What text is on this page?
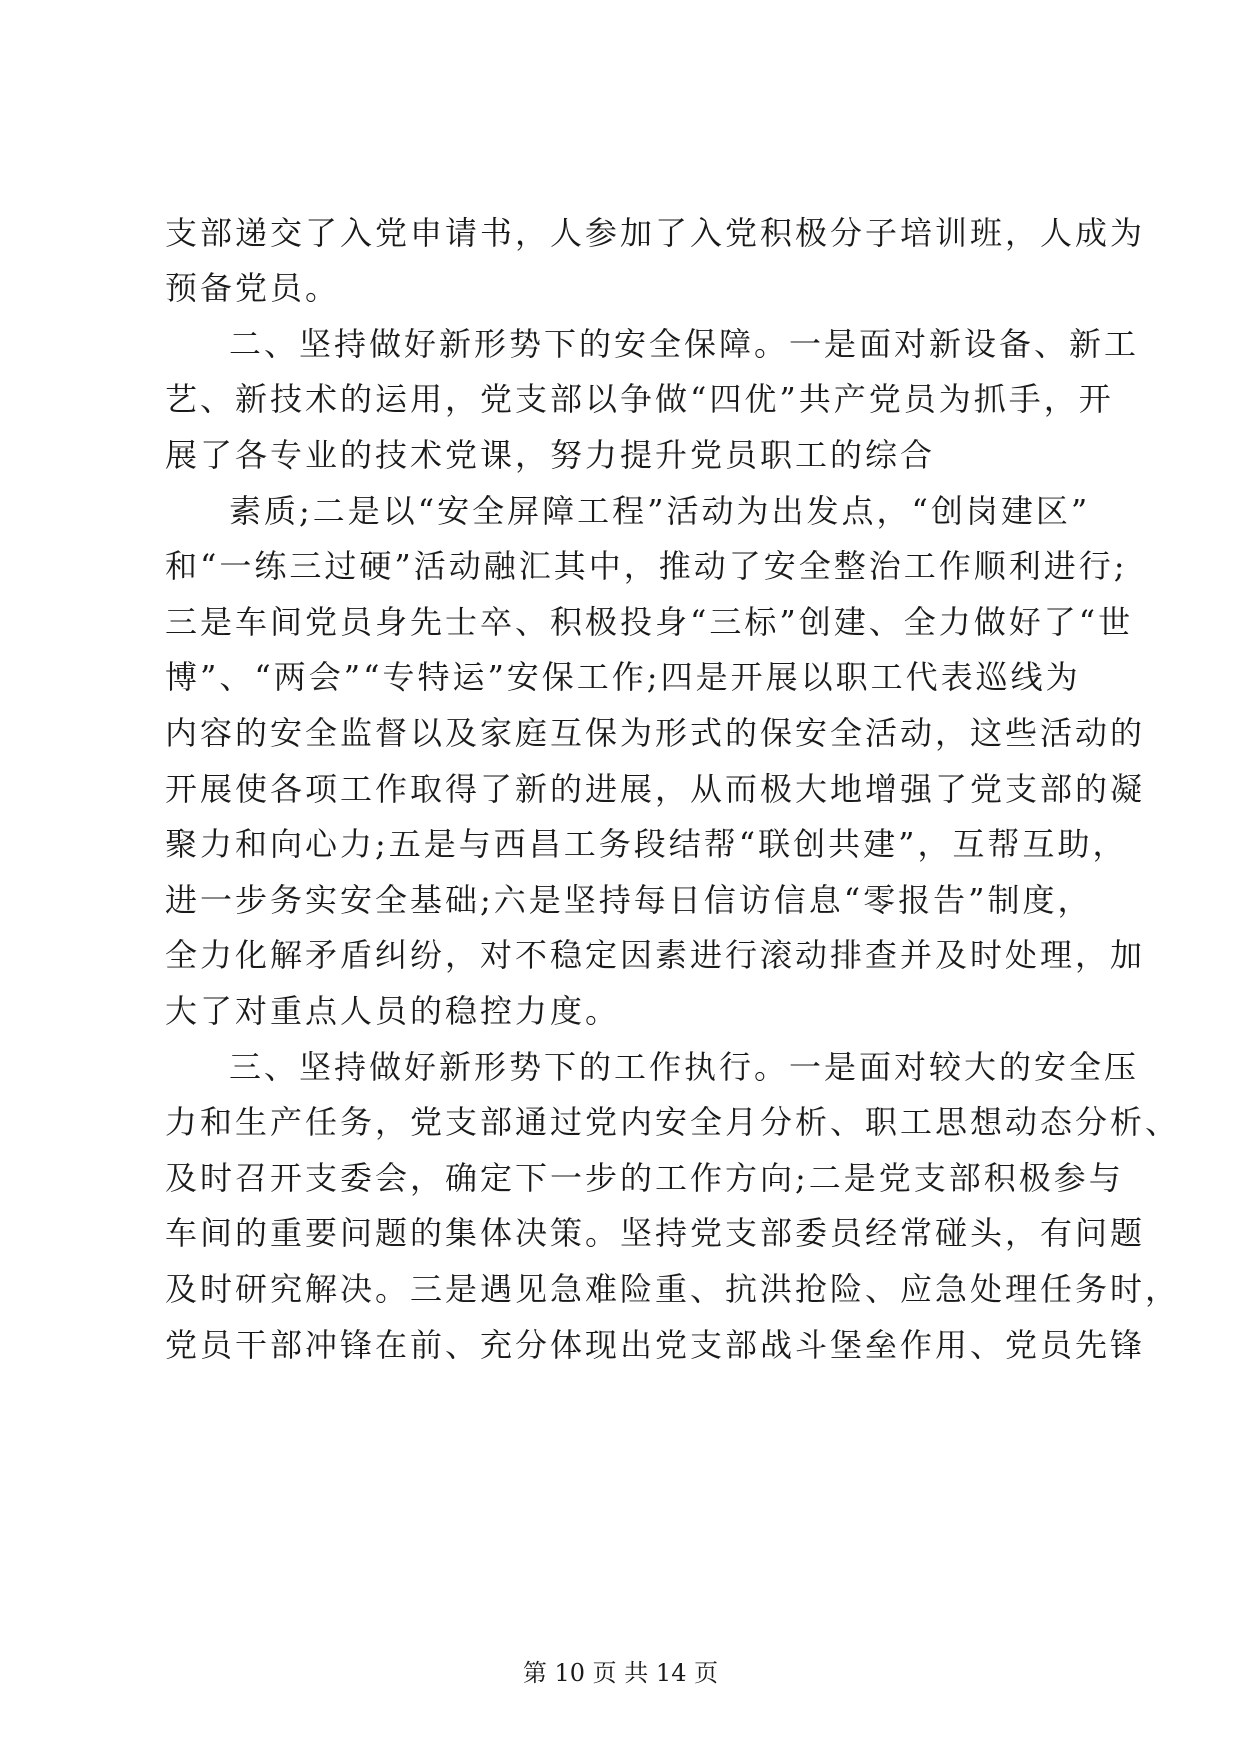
支部递交了入党申请书，人参加了入党积极分子培训班，人成为
预备党员。
二、坚持做好新形势下的安全保障。一是面对新设备、新工
艺、新技术的运用，党支部以争做“四优”共产党员为抓手，开
展了各专业的技术党课，努力提升党员职工的综合
素质;二是以“安全屏障工程”活动为出发点，“创岗建区”
和“一练三过硬”活动融汇其中，推动了安全整治工作顺利进行;
三是车间党员身先士卒、积极投身“三标”创建、全力做好了“世
博”、“两会”“专特运”安保工作;四是开展以职工代表巡线为
内容的安全监督以及家庭互保为形式的保安全活动，这些活动的
开展使各项工作取得了新的进展，从而极大地增强了党支部的凝
聚力和向心力;五是与西昌工务段结帮“联创共建”，互帮互助，
进一步务实安全基础;六是坚持每日信访信息“零报告”制度，
全力化解矛盾纠纷，对不稳定因素进行滚动排查并及时处理，加
大了对重点人员的稳控力度。
三、坚持做好新形势下的工作执行。一是面对较大的安全压
力和生产任务，党支部通过党内安全月分析、职工思想动态分析、
及时召开支委会，确定下一步的工作方向;二是党支部积极参与
车间的重要问题的集体决策。坚持党支部委员经常碰头，有问题
及时研究解决。三是遇见急难险重、抗洪抢险、应急处理任务时，
党员干部冲锋在前、充分体现出党支部战斗堡垒作用、党员先锋
第 10 页 共 14 页
